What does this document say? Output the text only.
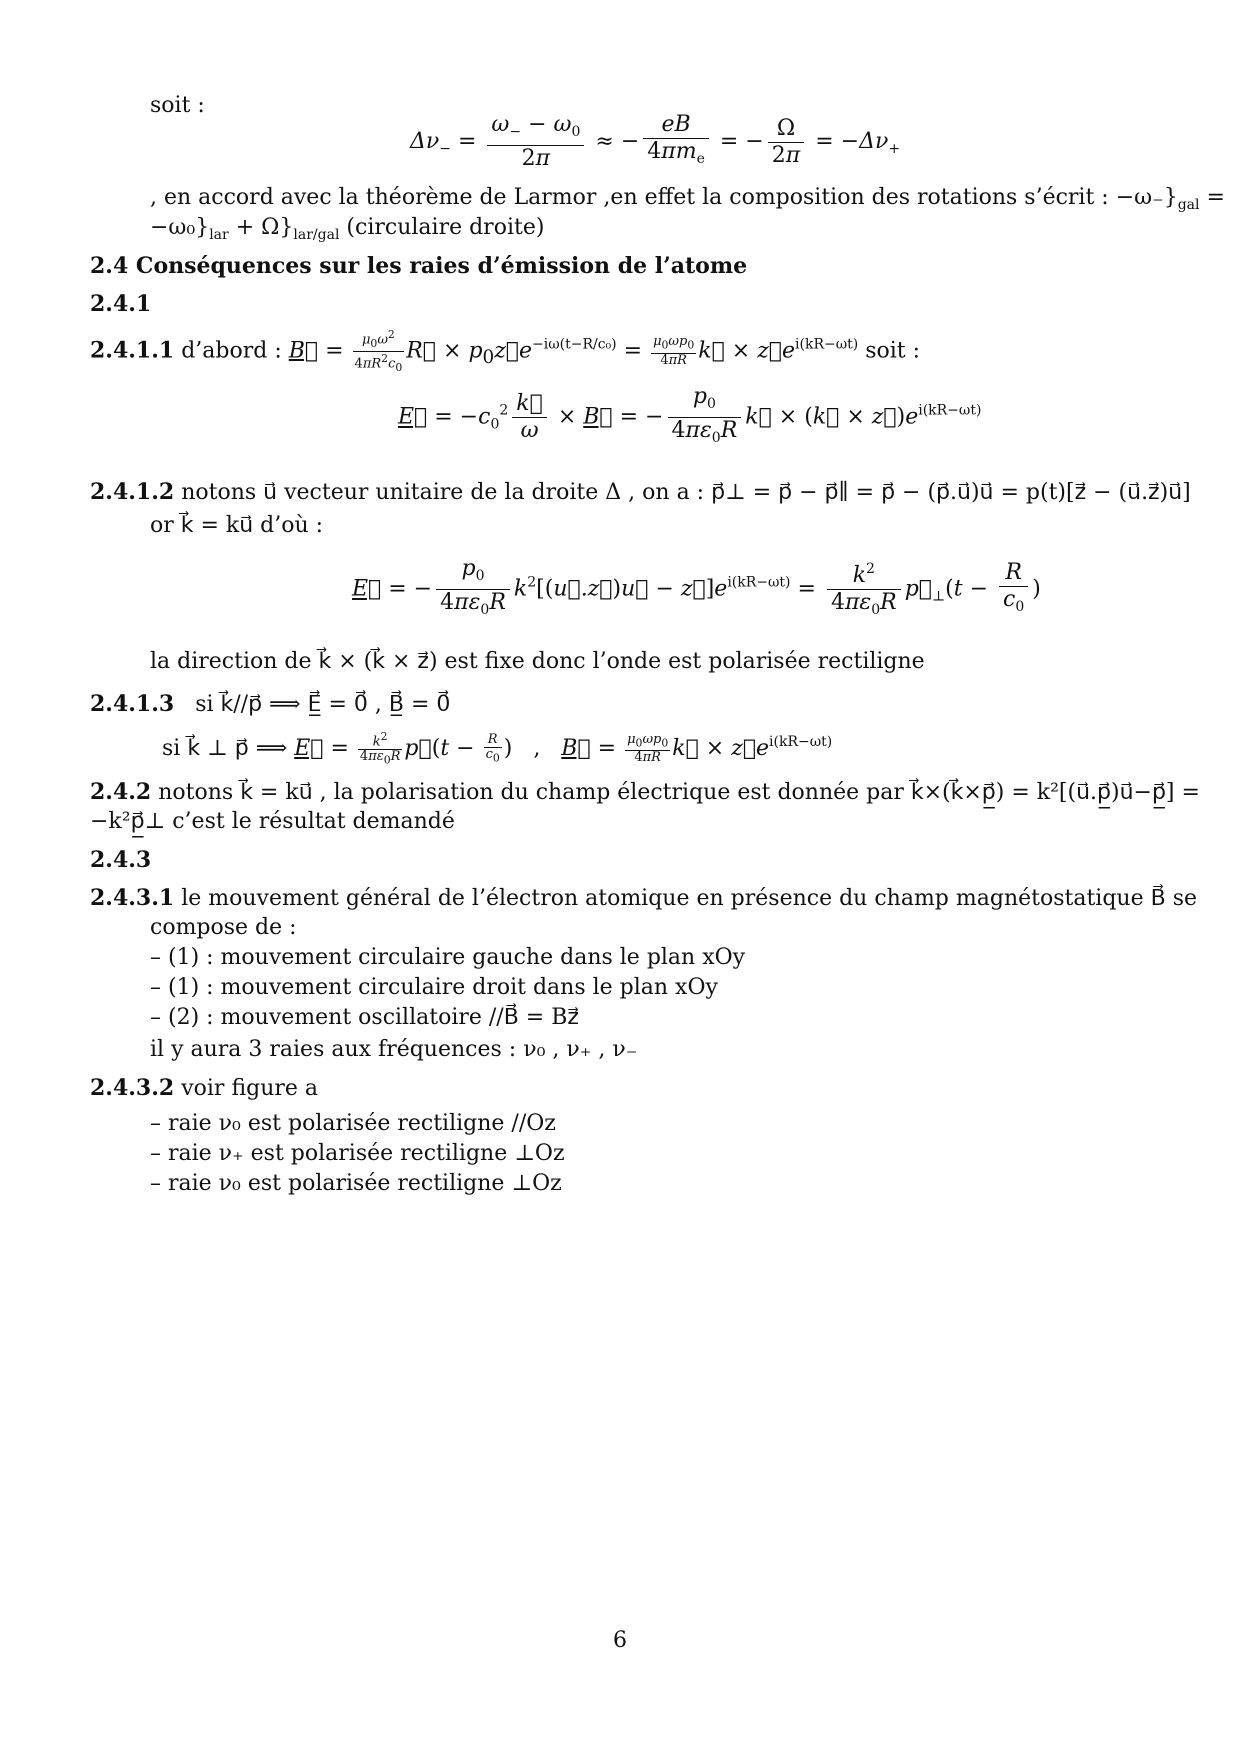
soit :
$\Delta\nu_- = \frac{\omega_- - \omega_0}{2\pi}$ ≈ − $\frac{eB}{4\pi m_e}$ = − $\frac{\Omega}{2\pi} = -\Delta\nu_+$
, en accord avec la théorème de Larmor ,en effet la composition des rotations s’écrit : $-\omega_-\}_{gal}$ =
$-\omega_0\}_{lar} + \Omega\}_{lar/gal}$ (circulaire droite)
2.4 Conséquences sur les raies d’émission de l’atome
2.4.1
2.4.1.1 d’abord : B⃗ = $\frac{\mu_0\omega^2}{4\pi R^2c_0}$ R⃗ × $p_0z⃗e^{-i\omega(t-R/c_0)} = \frac{\mu_0\omega p_0}{4\pi R}$ k⃗ × $z⃗e^{i(kR-\omega t)}$ soit :
E⃗ = $-c_0^2 \frac{k⃗}{\omega}$ × B⃗ = − $\frac{p_0}{4\pi\varepsilon_0R}$ k⃗ × (k⃗ × $z⃗)e^{i(kR-\omega t)}$
2.4.1.2 notons u⃗ vecteur unitaire de la droite Δ , on a : p⃗⊥ = p⃗ − p⃗∥ = p⃗ − (p⃗.u⃗)u⃗ = p(t)[z⃗ − (u⃗.z⃗)u⃗]
or k⃗ = ku⃗ d’où :
E⃗ = − $\frac{p_0}{4\pi\varepsilon_0R}$ $k^2[(u⃗.z⃗)u⃗$ − $z⃗]e^{i(kR-\omega t)} = \frac{k^2}{4\pi\varepsilon_0R}$ $p⃗_\perp(t - \frac{R}{c_0}$ )
la direction de k⃗ × (k⃗ × z⃗) est fixe donc l’onde est polarisée rectiligne
2.4.1.3 si k⃗//p⃗ ⟹ E̲⃗ = 0⃗ , B̲⃗ = 0⃗
si k⃗ ⊥ p⃗ ⟹ E⃗ = $\frac{k^2}{4\pi\varepsilon_0R}$ p⃗(t − $\frac{R}{c_0}$ )   ,   B⃗ = $\frac{\mu_0\omega p_0}{4\pi R}$ k⃗ × $z⃗e^{i(kR-\omega t)}$
2.4.2 notons k⃗ = ku⃗ , la polarisation du champ électrique est donnée par k⃗×(k⃗×p̲⃗) = k²[(u⃗.p̲⃗)u⃗−p̲⃗] =
−k²p̲⃗⊥ c’est le résultat demandé
2.4.3
2.4.3.1 le mouvement général de l’électron atomique en présence du champ magnétostatique B⃗ se
compose de :
– (1) : mouvement circulaire gauche dans le plan xOy
– (1) : mouvement circulaire droit dans le plan xOy
– (2) : mouvement oscillatoire //B⃗ = Bz⃗
il y aura 3 raies aux fréquences : ν₀ , ν₊ , ν₋
2.4.3.2 voir figure a
– raie ν₀ est polarisée rectiligne //Oz
– raie ν₊ est polarisée rectiligne ⊥Oz
– raie ν₀ est polarisée rectiligne ⊥Oz
6
